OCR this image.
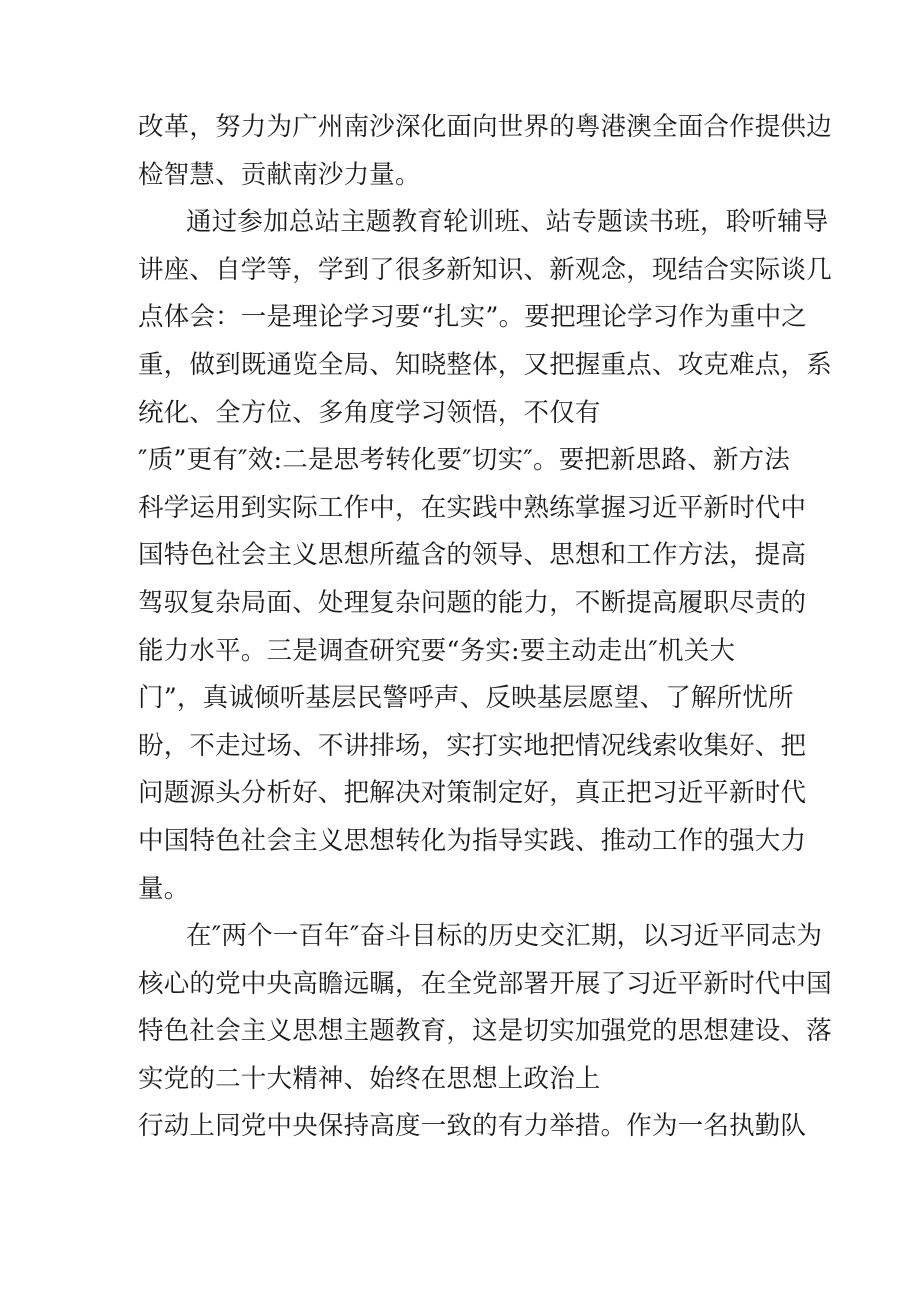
改革，努力为广州南沙深化面向世界的粤港澳全面合作提供边
检智慧、贡献南沙力量。
通过参加总站主题教育轮训班、站专题读书班，聆听辅导
讲座、自学等，学到了很多新知识、新观念，现结合实际谈几
点体会：一是理论学习要“扎实”。要把理论学习作为重中之
重，做到既通览全局、知晓整体，又把握重点、攻克难点，系
统化、全方位、多角度学习领悟，不仅有
″质”更有″效:二是思考转化要″切实″。要把新思路、新方法
科学运用到实际工作中，在实践中熟练掌握习近平新时代中
国特色社会主义思想所蕴含的领导、思想和工作方法，提高
驾驭复杂局面、处理复杂问题的能力，不断提高履职尽责的
能力水平。三是调查研究要“务实:要主动走出″机关大
门”，真诚倾听基层民警呼声、反映基层愿望、了解所忧所
盼，不走过场、不讲排场，实打实地把情况线索收集好、把
问题源头分析好、把解决对策制定好，真正把习近平新时代
中国特色社会主义思想转化为指导实践、推动工作的强大力
量。
在″两个一百年″奋斗目标的历史交汇期，以习近平同志为
核心的党中央高瞻远瞩，在全党部署开展了习近平新时代中国
特色社会主义思想主题教育，这是切实加强党的思想建设、落
实党的二十大精神、始终在思想上政治上
行动上同党中央保持高度一致的有力举措。作为一名执勤队
